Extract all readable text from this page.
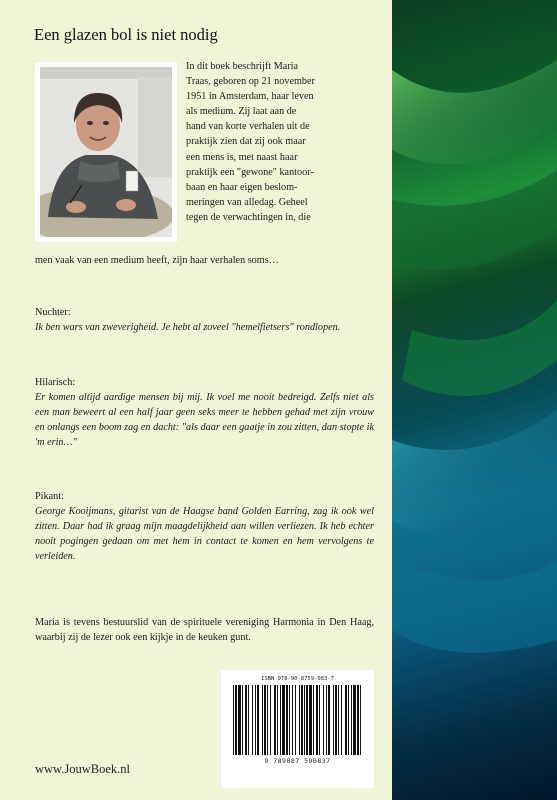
Een glazen bol is niet nodig

In dit boek beschrijft Maria
Traas, geboren op 21 november
1951 in Amsterdam, haar leven
als medium. Zij laat aan de
hand van korte verhalen uit de
praktijk zien dat zij ook maar
een mens is, met naast haar
praktijk een "gewone" kantoor-
baan en haar eigen beslom-
meringen van alledag. Geheel
tegen de verwachtingen in, die

men vaak van een medium heeft, zijn haar verhalen soms…

Nuchter:

Ik ben wars van zweverigheid. Je hebt al zoveel "hemelfietsers" rondlopen.

Hilarisch:

Er komen altijd aardige mensen bij mij. Ik voel me nooit bedreigd. Zelfs niet als een man beweert al een half jaar geen seks meer te hebben gehad met zijn vrouw en onlangs een boom zag en dacht: "als daar een gaatje in zou zitten, dan stopte ik 'm erin…"

Pikant:

George Kooijmans, gitarist van de Haagse band Golden Earring, zag ik ook wel zitten. Daar had ik graag mijn maagdelijkheid aan willen verliezen. Ik heb echter nooit pogingen gedaan om met hem in contact te komen en hem vervolgens te verleiden.

Maria is tevens bestuurslid van de spirituele vereniging Harmonia in Den Haag, waarbij zij de lezer ook een kijkje in de keuken gunt.

ISBN 978-90-8759-083-7

9 789087 590837
www.JouwBoek.nl
